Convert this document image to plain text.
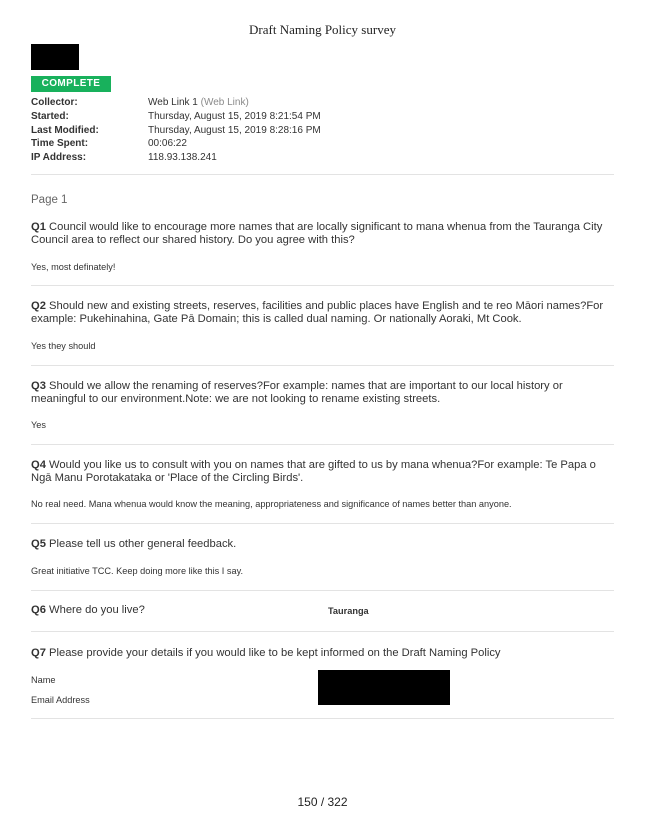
Draft Naming Policy survey
COMPLETE
Collector:	Web Link 1 (Web Link)
Started:	Thursday, August 15, 2019 8:21:54 PM
Last Modified:	Thursday, August 15, 2019 8:28:16 PM
Time Spent:	00:06:22
IP Address:	118.93.138.241
Page 1
Q1 Council would like to encourage more names that are locally significant to mana whenua from the Tauranga City Council area to reflect our shared history. Do you agree with this?
Yes, most definately!
Q2 Should new and existing streets, reserves, facilities and public places have English and te reo Māori names?For example: Pukehinahina, Gate Pā Domain; this is called dual naming. Or nationally Aoraki, Mt Cook.
Yes they should
Q3 Should we allow the renaming of reserves?For example: names that are important to our local history or meaningful to our environment.Note: we are not looking to rename existing streets.
Yes
Q4 Would you like us to consult with you on names that are gifted to us by mana whenua?For example: Te Papa o Ngā Manu Porotakataka or 'Place of the Circling Birds'.
No real need. Mana whenua would know the meaning, appropriateness and significance of names better than anyone.
Q5 Please tell us other general feedback.
Great initiative TCC. Keep doing more like this I say.
Q6 Where do you live?	Tauranga
Q7 Please provide your details if you would like to be kept informed on the Draft Naming Policy
Name
Email Address
150 / 322
